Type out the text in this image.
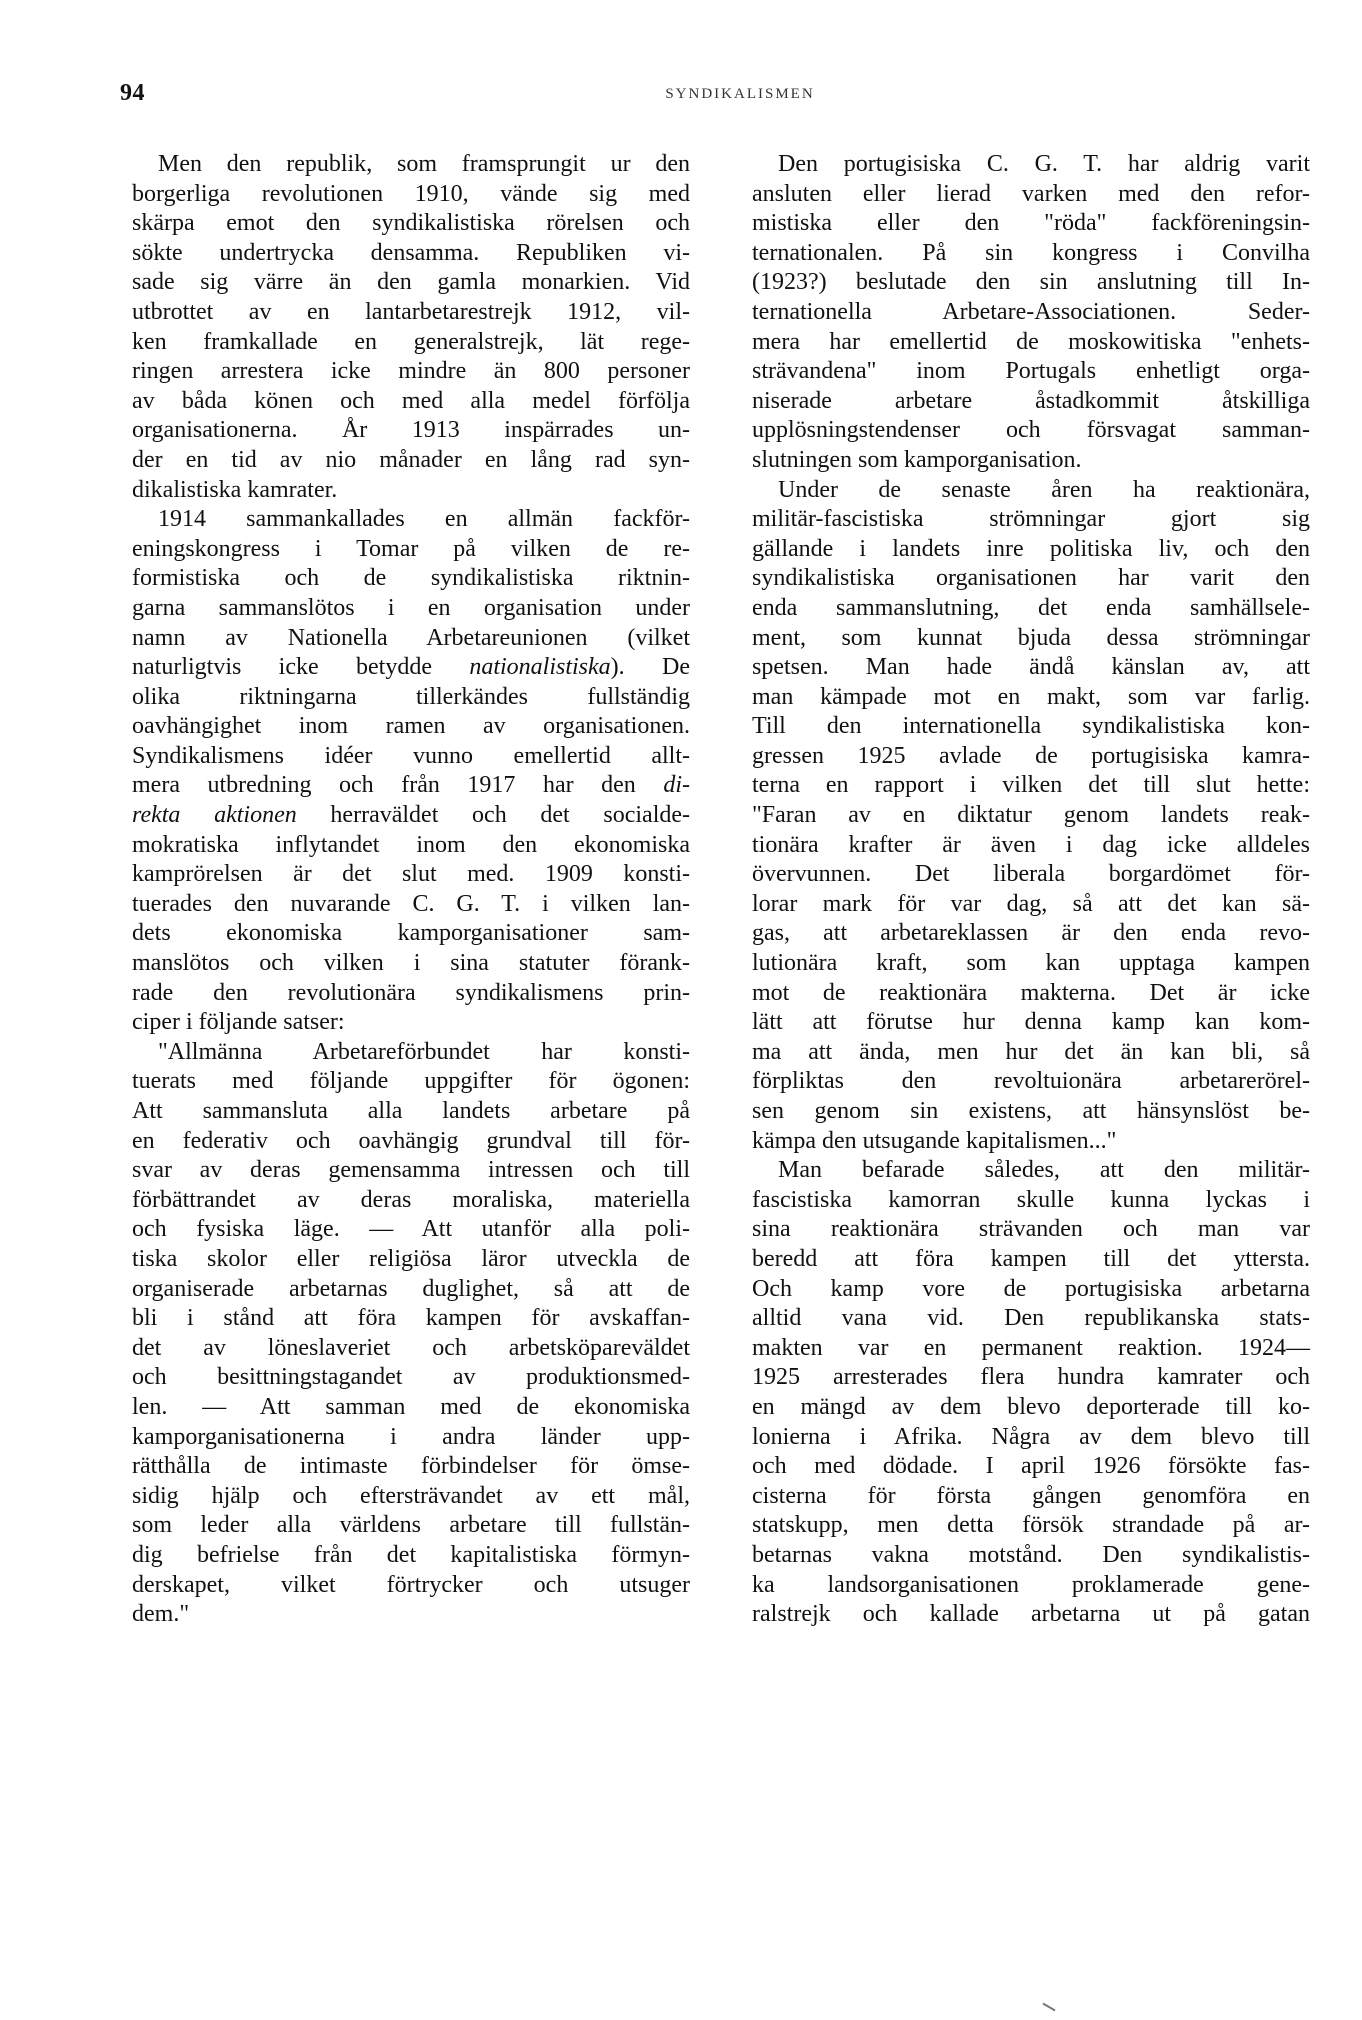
94	SYNDIKALISMEN
Men den republik, som framsprungit ur den
borgerliga revolutionen 1910, vände sig med
skärpa emot den syndikalistiska rörelsen och
sökte undertrycka densamma. Republiken vi-
sade sig värre än den gamla monarkien. Vid
utbrottet av en lantarbetarestrejk 1912, vil-
ken framkallade en generalstrejk, lät rege-
ringen arrestera icke mindre än 800 personer
av båda könen och med alla medel förfölja
organisationerna. År 1913 inspärrades un-
der en tid av nio månader en lång rad syn-
dikalistiska kamrater.
1914 sammankallades en allmän fackför-
eningskongress i Tomar på vilken de re-
formistiska och de syndikalistiska riktnin-
garna sammanslötos i en organisation under
namn av Nationella Arbetareunionen (vilket
naturligtvis icke betydde nationalistiska). De
olika riktningarna tillerkändes fullständig
oavhängighet inom ramen av organisationen.
Syndikalismens idéer vunno emellertid allt-
mera utbredning och från 1917 har den di-
rekta aktionen herraväldet och det socialde-
mokratiska inflytandet inom den ekonomiska
kamprörelsen är det slut med. 1909 konsti-
tuerades den nuvarande C. G. T. i vilken lan-
dets ekonomiska kamporganisationer sam-
manslötos och vilken i sina statuter förank-
rade den revolutionära syndikalismens prin-
ciper i följande satser:
"Allmänna Arbetareförbundet har konsti-
tuerats med följande uppgifter för ögonen:
Att sammansluta alla landets arbetare på
en federativ och oavhängig grundval till för-
svar av deras gemensamma intressen och till
förbättrandet av deras moraliska, materiella
och fysiska läge. — Att utanför alla poli-
tiska skolor eller religiösa läror utveckla de
organiserade arbetarnas duglighet, så att de
bli i stånd att föra kampen för avskaffan-
det av löneslaveriet och arbetsköpareväldet
och besittningstagandet av produktionsmed-
len. — Att samman med de ekonomiska
kamporganisationerna i andra länder upp-
rätthålla de intimaste förbindelser för ömse-
sidig hjälp och eftersträvandet av ett mål,
som leder alla världens arbetare till fullstän-
dig befrielse från det kapitalistiska förmyn-
derskapet, vilket förtrycker och utsuger
dem."
Den portugisiska C. G. T. har aldrig varit
ansluten eller lierad varken med den refor-
mistiska eller den "röda" fackföreningsin-
ternationalen. På sin kongress i Convilha
(1923?) beslutade den sin anslutning till In-
ternationella Arbetare-Associationen. Seder-
mera har emellertid de moskowitiska "enhets-
strävandena" inom Portugals enhetligt orga-
niserade arbetare åstadkommit åtskilliga
upplösningstendenser och försvagat samman-
slutningen som kamporganisation.
Under de senaste åren ha reaktionära,
militär-fascistiska strömningar gjort sig
gällande i landets inre politiska liv, och den
syndikalistiska organisationen har varit den
enda sammanslutning, det enda samhällsele-
ment, som kunnat bjuda dessa strömningar
spetsen. Man hade ändå känslan av, att
man kämpade mot en makt, som var farlig.
Till den internationella syndikalistiska kon-
gressen 1925 avlade de portugisiska kamra-
terna en rapport i vilken det till slut hette:
"Faran av en diktatur genom landets reak-
tionära krafter är även i dag icke alldeles
övervunnen. Det liberala borgardömet för-
lorar mark för var dag, så att det kan sä-
gas, att arbetareklassen är den enda revo-
lutionära kraft, som kan upptaga kampen
mot de reaktionära makterna. Det är icke
lätt att förutse hur denna kamp kan kom-
ma att ända, men hur det än kan bli, så
förpliktas den revoltuionära arbetarerörel-
sen genom sin existens, att hänsynslöst be-
kämpa den utsugande kapitalismen..."
Man befarade således, att den militär-
fascistiska kamorran skulle kunna lyckas i
sina reaktionära strävanden och man var
beredd att föra kampen till det yttersta.
Och kamp vore de portugisiska arbetarna
alltid vana vid. Den republikanska stats-
makten var en permanent reaktion. 1924—
1925 arresterades flera hundra kamrater och
en mängd av dem blevo deporterade till ko-
lonierna i Afrika. Några av dem blevo till
och med dödade. I april 1926 försökte fas-
cisterna för första gången genomföra en
statskupp, men detta försök strandade på ar-
betarnas vakna motstånd. Den syndikalistis-
ka landsorganisationen proklamerade gene-
ralstrejk och kallade arbetarna ut på gatan
